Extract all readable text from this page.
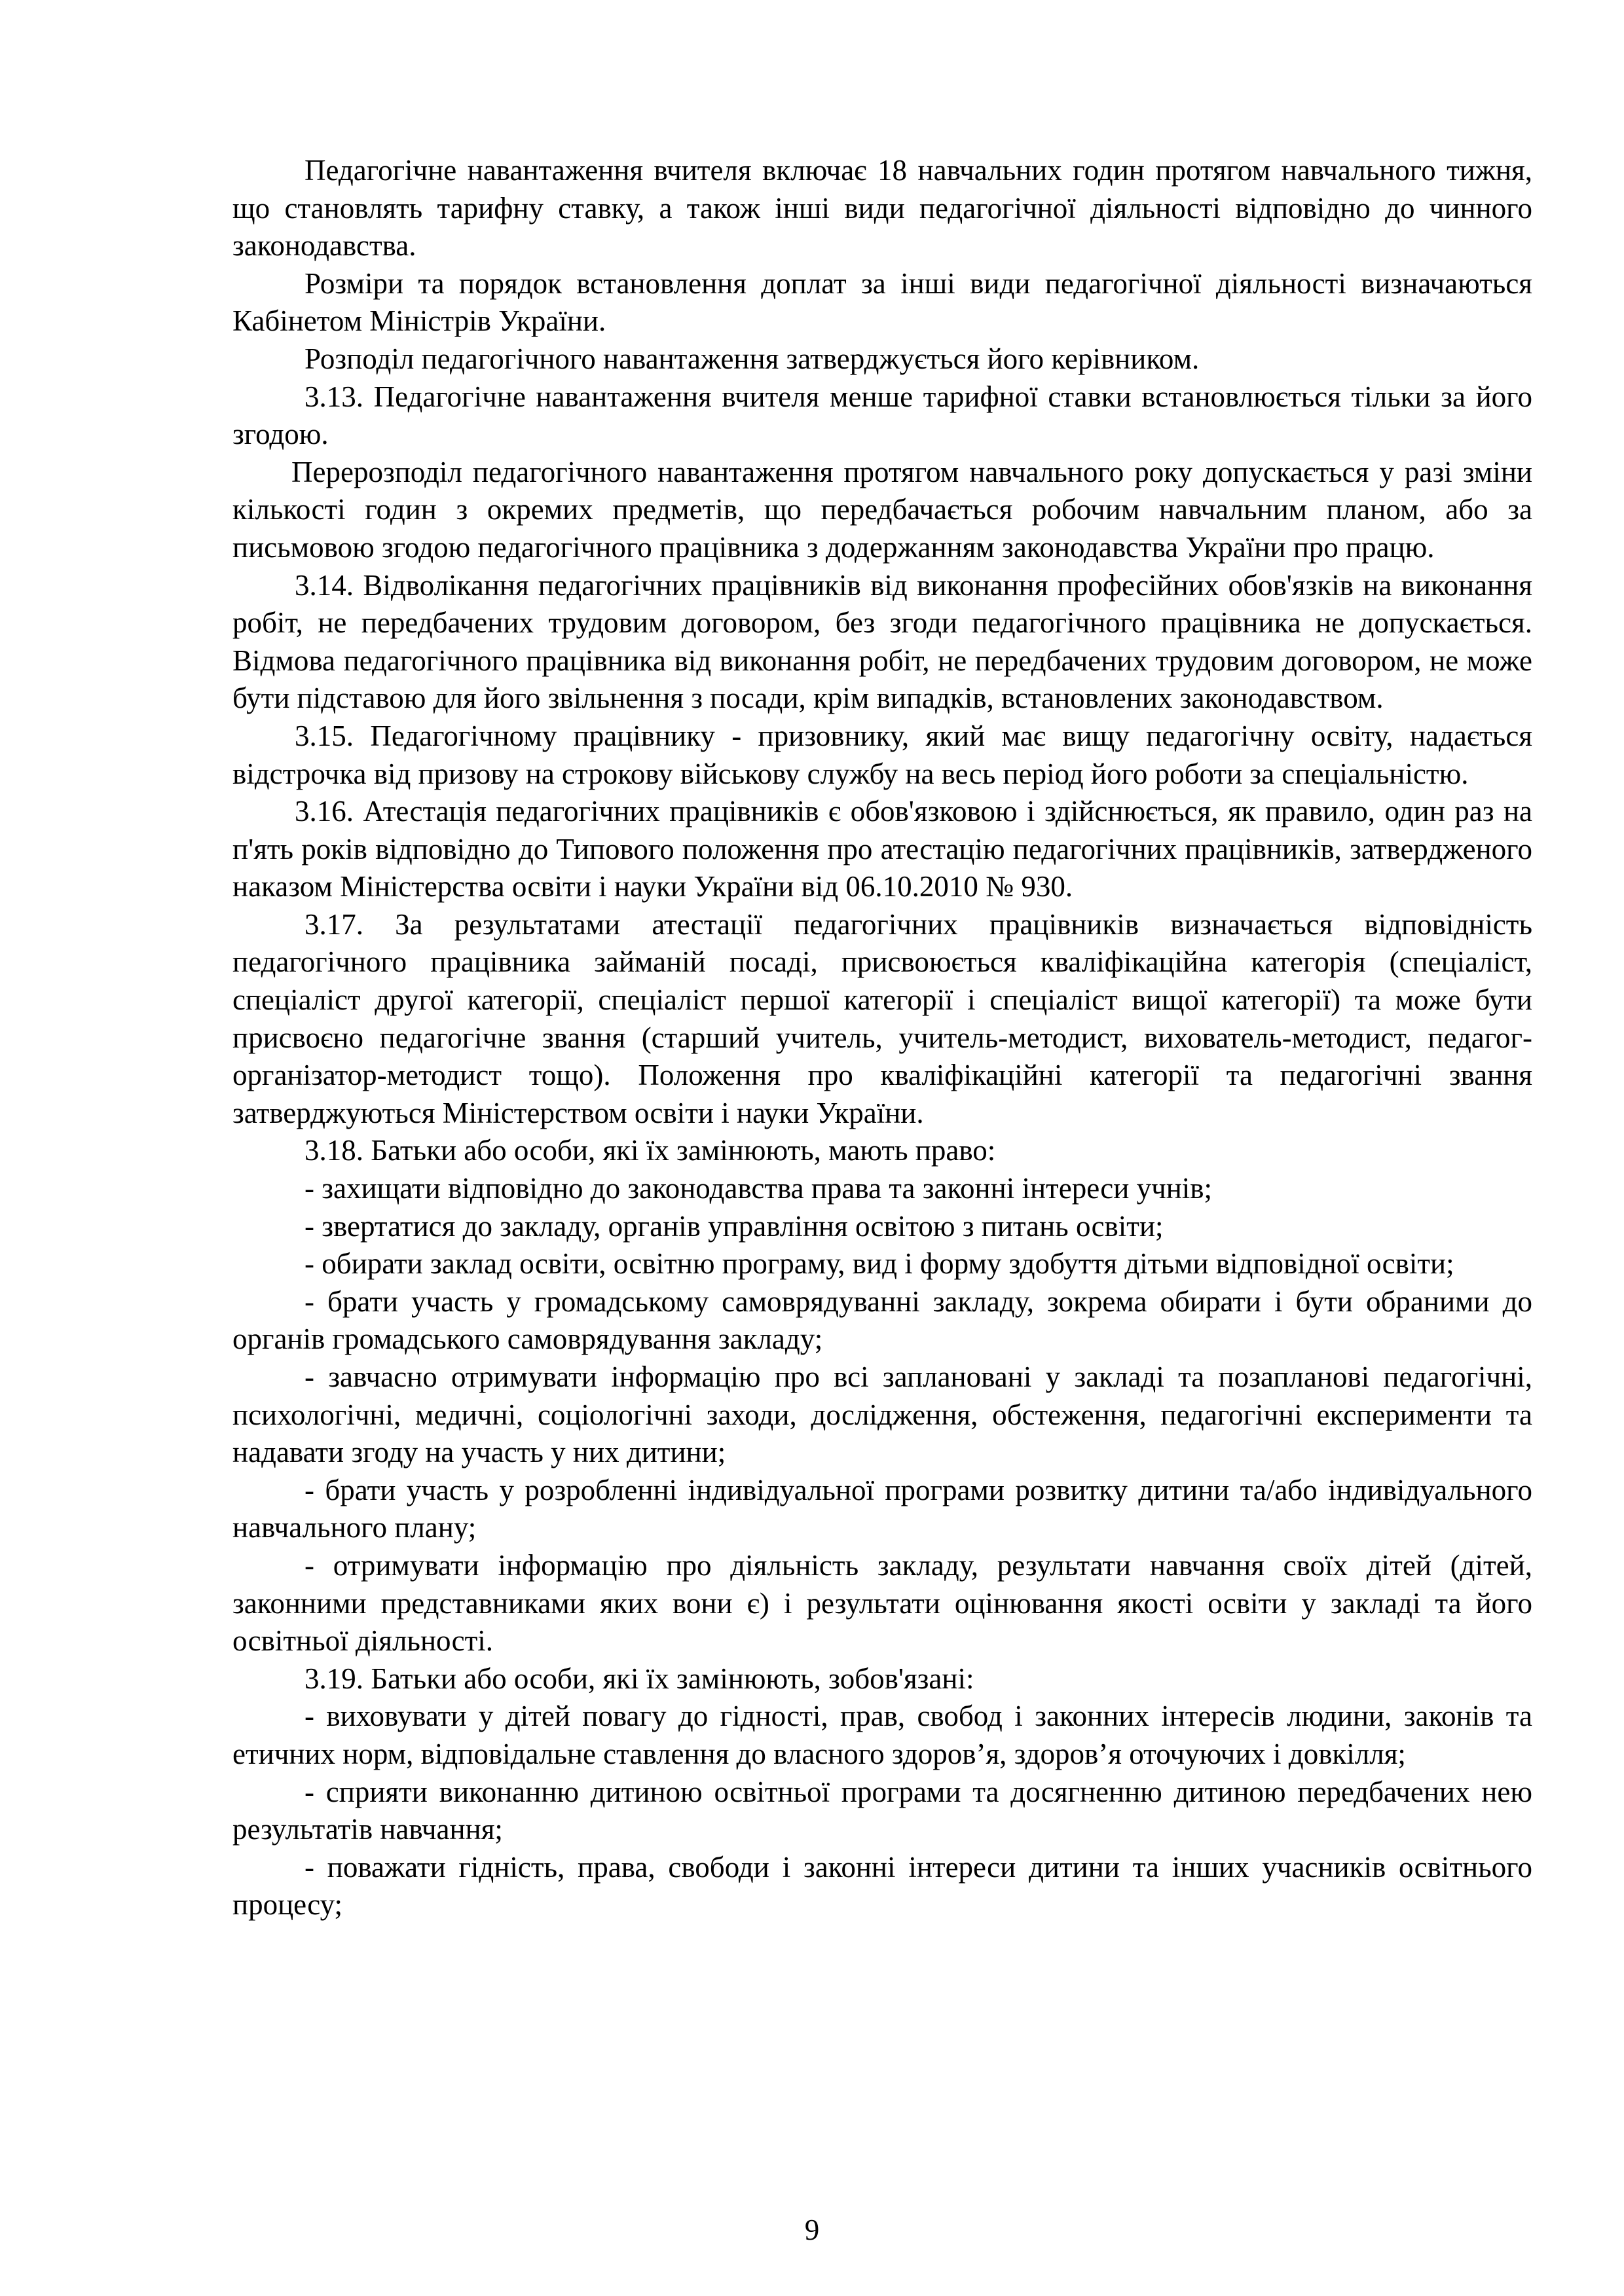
Педагогічне навантаження вчителя включає 18 навчальних годин протягом навчального тижня, що становлять тарифну ставку, а також інші види педагогічної діяльності відповідно до чинного законодавства.

Розміри та порядок встановлення доплат за інші види педагогічної діяльності визначаються Кабінетом Міністрів України.

Розподіл педагогічного навантаження затверджується його керівником.

3.13. Педагогічне навантаження вчителя менше тарифної ставки встановлюється тільки за його згодою.

Перерозподіл педагогічного навантаження протягом навчального року допускається у разі зміни кількості годин з окремих предметів, що передбачається робочим навчальним планом, або за письмовою згодою педагогічного працівника з додержанням законодавства України про працю.

3.14. Відволікання педагогічних працівників від виконання професійних обов'язків на виконання робіт, не передбачених трудовим договором, без згоди педагогічного працівника не допускається. Відмова педагогічного працівника від виконання робіт, не передбачених трудовим договором, не може бути підставою для його звільнення з посади, крім випадків, встановлених законодавством.

3.15. Педагогічному працівнику - призовнику, який має вищу педагогічну освіту, надається відстрочка від призову на строкову військову службу на весь період його роботи за спеціальністю.

3.16. Атестація педагогічних працівників є обов'язковою і здійснюється, як правило, один раз на п'ять років відповідно до Типового положення про атестацію педагогічних працівників, затвердженого наказом Міністерства освіти і науки України від 06.10.2010 № 930.

3.17. За результатами атестації педагогічних працівників визначається відповідність педагогічного працівника займаній посаді, присвоюється кваліфікаційна категорія (спеціаліст, спеціаліст другої категорії, спеціаліст першої категорії і спеціаліст вищої категорії) та може бути присвоєно педагогічне звання (старший учитель, учитель-методист, вихователь-методист, педагог-організатор-методист тощо). Положення про кваліфікаційні категорії та педагогічні звання затверджуються Міністерством освіти і науки України.

3.18. Батьки або особи, які їх замінюють, мають право:

- захищати відповідно до законодавства права та законні інтереси учнів;

- звертатися до закладу, органів управління освітою з питань освіти;

- обирати заклад освіти, освітню програму, вид і форму здобуття дітьми відповідної освіти;

- брати участь у громадському самоврядуванні закладу, зокрема обирати і бути обраними до органів громадського самоврядування закладу;

- завчасно отримувати інформацію про всі заплановані у закладі та позапланові педагогічні, психологічні, медичні, соціологічні заходи, дослідження, обстеження, педагогічні експерименти та надавати згоду на участь у них дитини;

- брати участь у розробленні індивідуальної програми розвитку дитини та/або індивідуального навчального плану;

- отримувати інформацію про діяльність закладу, результати навчання своїх дітей (дітей, законними представниками яких вони є) і результати оцінювання якості освіти у закладі та його освітньої діяльності.

3.19. Батьки або особи, які їх замінюють, зобов'язані:

- виховувати у дітей повагу до гідності, прав, свобод і законних інтересів людини, законів та етичних норм, відповідальне ставлення до власного здоров’я, здоров’я оточуючих і довкілля;

- сприяти виконанню дитиною освітньої програми та досягненню дитиною передбачених нею результатів навчання;

- поважати гідність, права, свободи і законні інтереси дитини та інших учасників освітнього процесу;

9
